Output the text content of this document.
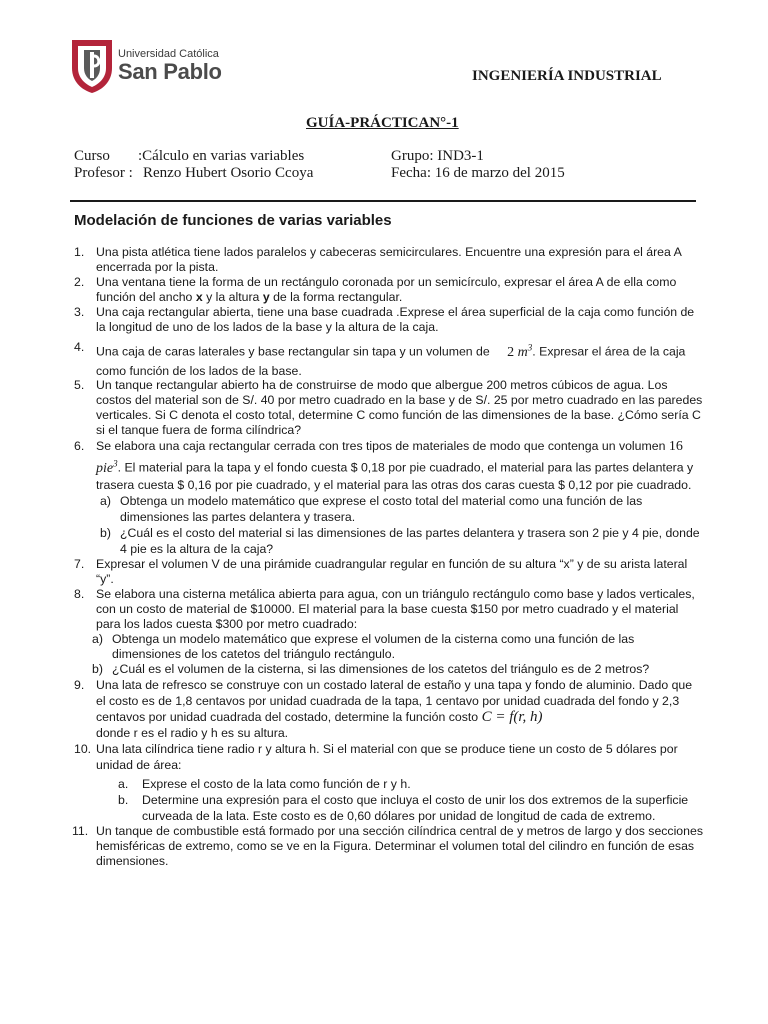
Universidad Católica
San Pablo	INGENIERÍA INDUSTRIAL
GUÍA-PRÁCTICAN°-1
Curso :Cálculo en varias variables	Grupo: IND3-1
Profesor : Renzo Hubert Osorio Ccoya	Fecha: 16 de marzo del 2015
Modelación de funciones de varias variables
1. Una pista atlética tiene lados paralelos y cabeceras semicirculares. Encuentre una expresión para el área A encerrada por la pista.
2. Una ventana tiene la forma de un rectángulo coronada por un semicírculo, expresar el área A de ella como función del ancho x y la altura y de la forma rectangular.
3. Una caja rectangular abierta, tiene una base cuadrada .Exprese el área superficial de la caja como función de la longitud de uno de los lados de la base y la altura de la caja.
4. Una caja de caras laterales y base rectangular sin tapa y un volumen de 2 $m^3$. Expresar el área de la caja como función de los lados de la base.
5. Un tanque rectangular abierto ha de construirse de modo que albergue 200 metros cúbicos de agua. Los costos del material son de S/. 40 por metro cuadrado en la base y de S/. 25 por metro cuadrado en las paredes verticales. Si C denota el costo total, determine C como función de las dimensiones de la base. ¿Cómo sería C si el tanque fuera de forma cilíndrica?
6. Se elabora una caja rectangular cerrada con tres tipos de materiales de modo que contenga un volumen 16 pie$^3$. El material para la tapa y el fondo cuesta $ 0,18 por pie cuadrado, el material para las partes delantera y trasera cuesta $ 0,16 por pie cuadrado, y el material para las otras dos caras cuesta $ 0,12 por pie cuadrado.
a) Obtenga un modelo matemático que exprese el costo total del material como una función de las dimensiones las partes delantera y trasera.
b) ¿Cuál es el costo del material si las dimensiones de las partes delantera y trasera son 2 pie y 4 pie, donde 4 pie es la altura de la caja?
7. Expresar el volumen V de una pirámide cuadrangular regular en función de su altura “x” y de su arista lateral “y”.
8. Se elabora una cisterna metálica abierta para agua, con un triángulo rectángulo como base y lados verticales, con un costo de material de $10000. El material para la base cuesta $150 por metro cuadrado y el material para los lados cuesta $300 por metro cuadrado:
a) Obtenga un modelo matemático que exprese el volumen de la cisterna como una función de las dimensiones de los catetos del triángulo rectángulo.
b) ¿Cuál es el volumen de la cisterna, si las dimensiones de los catetos del triángulo es de 2 metros?
9. Una lata de refresco se construye con un costado lateral de estaño y una tapa y fondo de aluminio. Dado que el costo es de 1,8 centavos por unidad cuadrada de la tapa, 1 centavo por unidad cuadrada del fondo y 2,3 centavos por unidad cuadrada del costado, determine la función costo C = f(r, h)
donde r es el radio y h es su altura.
10. Una lata cilíndrica tiene radio r y altura h. Si el material con que se produce tiene un costo de 5 dólares por unidad de área:
a. Exprese el costo de la lata como función de r y h.
b. Determine una expresión para el costo que incluya el costo de unir los dos extremos de la superficie curveada de la lata. Este costo es de 0,60 dólares por unidad de longitud de cada de extremo.
11. Un tanque de combustible está formado por una sección cilíndrica central de y metros de largo y dos secciones hemisféricas de extremo, como se ve en la Figura. Determinar el volumen total del cilindro en función de esas dimensiones.
